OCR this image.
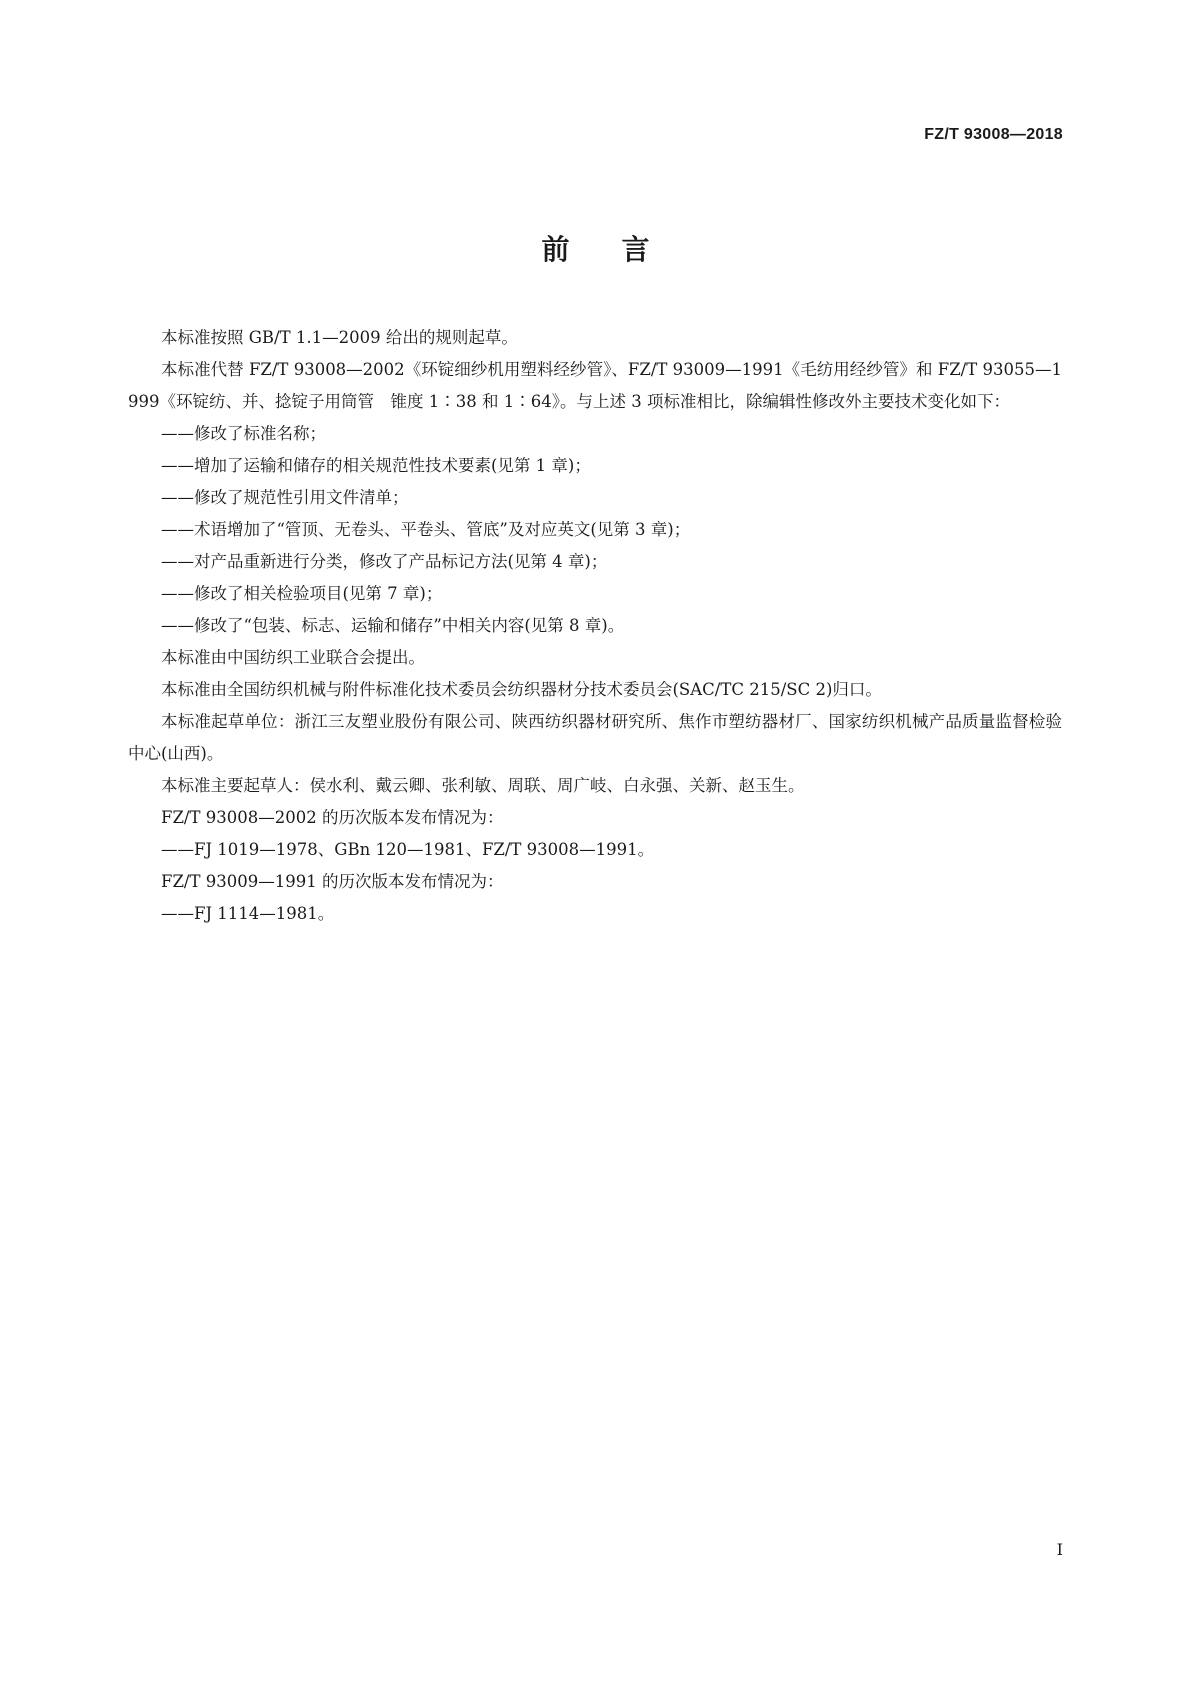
FZ/T 93008—2018
前言

本标准按照 GB/T 1.1—2009 给出的规则起草。

本标准代替 FZ/T 93008—2002《环锭细纱机用塑料经纱管》、FZ/T 93009—1991《毛纺用经纱管》和 FZ/T 93055—1999《环锭纺、并、捻锭子用筒管　锥度 1∶38 和 1∶64》。与上述 3 项标准相比，除编辑性修改外主要技术变化如下：

——修改了标准名称；

——增加了运输和储存的相关规范性技术要素(见第 1 章)；

——修改了规范性引用文件清单；

——术语增加了“管顶、无卷头、平卷头、管底”及对应英文(见第 3 章)；

——对产品重新进行分类，修改了产品标记方法(见第 4 章)；

——修改了相关检验项目(见第 7 章)；

——修改了“包装、标志、运输和储存”中相关内容(见第 8 章)。

本标准由中国纺织工业联合会提出。

本标准由全国纺织机械与附件标准化技术委员会纺织器材分技术委员会(SAC/TC 215/SC 2)归口。

本标准起草单位：浙江三友塑业股份有限公司、陕西纺织器材研究所、焦作市塑纺器材厂、国家纺织机械产品质量监督检验中心(山西)。

本标准主要起草人：侯水利、戴云卿、张利敏、周联、周广岐、白永强、关新、赵玉生。

FZ/T 93008—2002 的历次版本发布情况为：

——FJ 1019—1978、GBn 120—1981、FZ/T 93008—1991。

FZ/T 93009—1991 的历次版本发布情况为：

——FJ 1114—1981。

I
